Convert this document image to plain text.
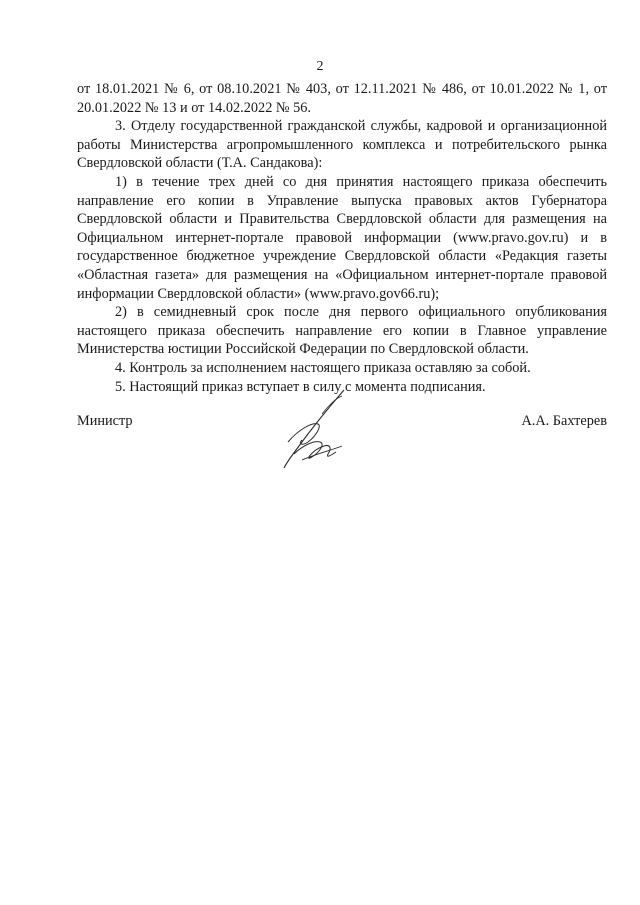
2

от 18.01.2021 № 6, от 08.10.2021 № 403, от 12.11.2021 № 486, от 10.01.2022 № 1, от 20.01.2022 № 13 и от 14.02.2022 № 56.

3. Отделу государственной гражданской службы, кадровой и организационной работы Министерства агропромышленного комплекса и потребительского рынка Свердловской области (Т.А. Сандакова):

1) в течение трех дней со дня принятия настоящего приказа обеспечить направление его копии в Управление выпуска правовых актов Губернатора Свердловской области и Правительства Свердловской области для размещения на Официальном интернет-портале правовой информации (www.pravo.gov.ru) и в государственное бюджетное учреждение Свердловской области «Редакция газеты «Областная газета» для размещения на «Официальном интернет-портале правовой информации Свердловской области» (www.pravo.gov66.ru);

2) в семидневный срок после дня первого официального опубликования настоящего приказа обеспечить направление его копии в Главное управление Министерства юстиции Российской Федерации по Свердловской области.

4. Контроль за исполнением настоящего приказа оставляю за собой.

5. Настоящий приказ вступает в силу с момента подписания.

Министр	А.А. Бахтерев
